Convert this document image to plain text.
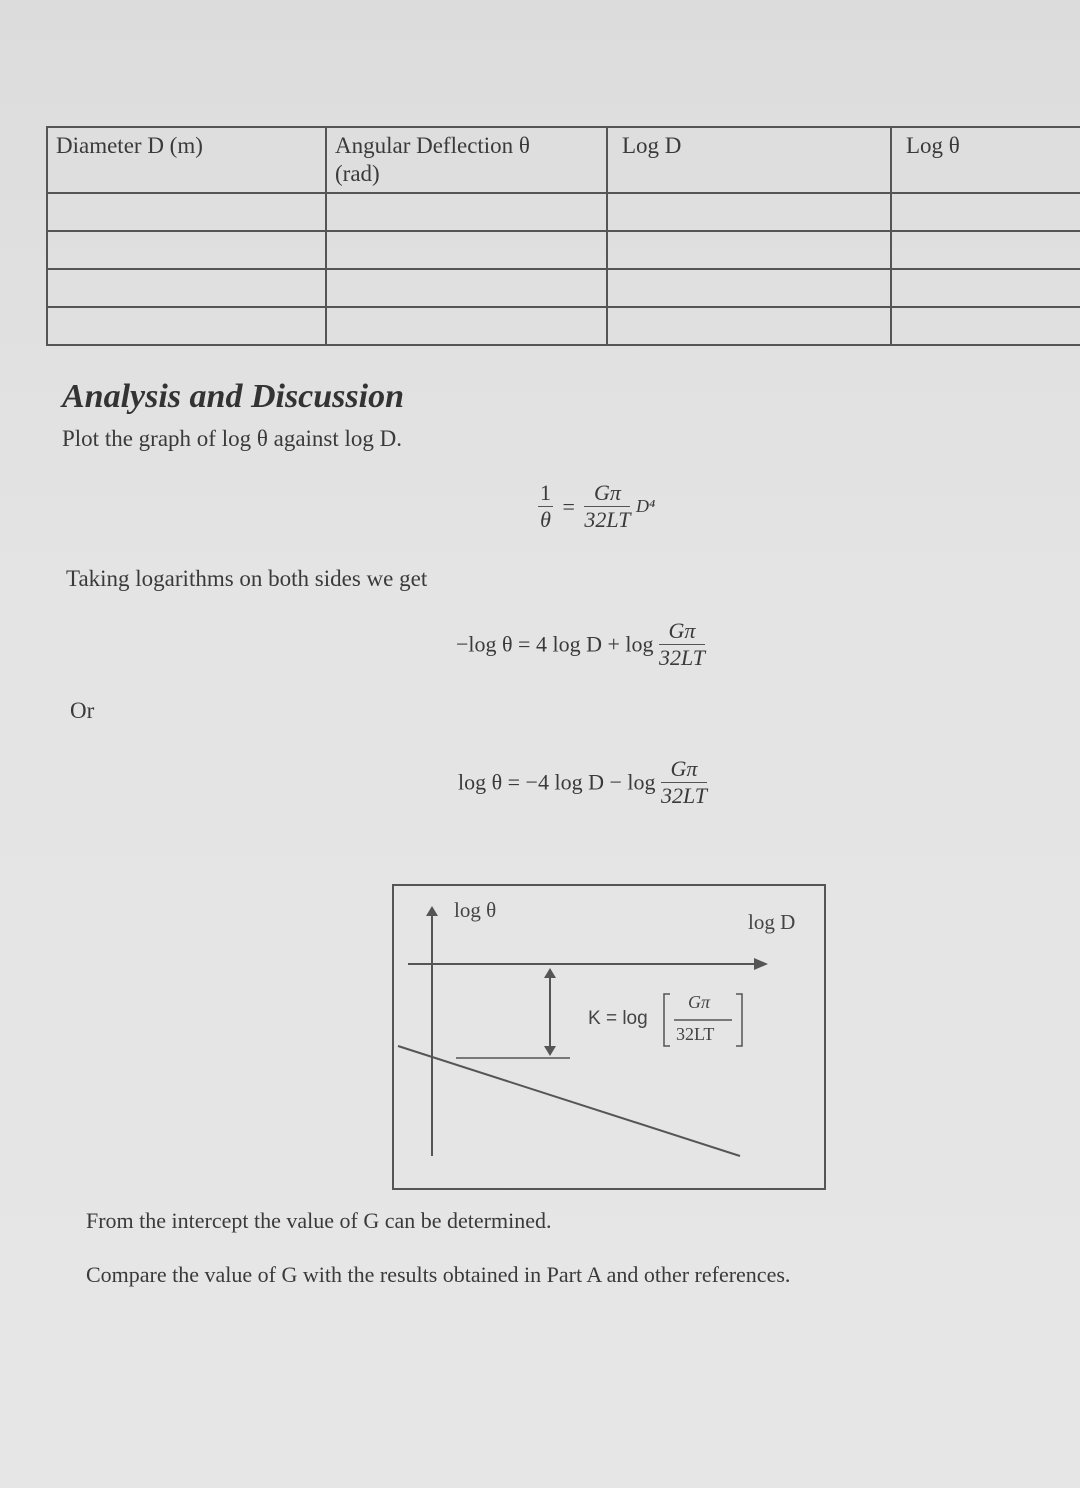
Diameter D (m)	Angular Deflection θ (rad)	Log D	Log θ

Analysis and Discussion
Plot the graph of log θ against log D.
$\frac{1}{\theta} = \frac{G\pi}{32LT} D^4$
Taking logarithms on both sides we get
−log θ = 4 $\log D + \log \frac{G\pi}{32LT}$
Or
log θ = −4 $\log D - \log \frac{G\pi}{32LT}$
log θ	log D
K = log
Gπ
32LT
From the intercept the value of G can be determined.
Compare the value of G with the results obtained in Part A and other references.
